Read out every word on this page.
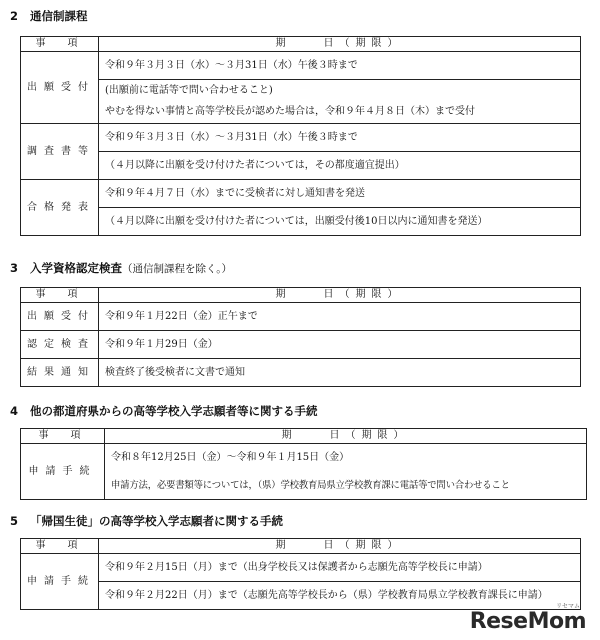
2 通信制課程
事　項	期　　日（期限）
出願受付	令和９年３月３日（水）～３月31日（水）午後３時まで
	(出願前に電話等で問い合わせること)
	やむを得ない事情と高等学校長が認めた場合は，令和９年４月８日（木）まで受付
調査書等	令和９年３月３日（水）～３月31日（水）午後３時まで
	（４月以降に出願を受け付けた者については，その都度適宜提出）
合格発表	令和９年４月７日（水）までに受検者に対し通知書を発送
	（４月以降に出願を受け付けた者については，出願受付後10日以内に通知書を発送）
3 入学資格認定検査（通信制課程を除く。）
事　項	期　　日（期限）
出願受付	令和９年１月22日（金）正午まで
認定検査	令和９年１月29日（金）
結果通知	検査終了後受検者に文書で通知
4 他の都道府県からの高等学校入学志願者等に関する手続
事　項	期　　日（期限）
申請手続	令和８年12月25日（金）～令和９年１月15日（金）
	申請方法，必要書類等については，（県）学校教育局県立学校教育課に電話等で問い合わせること
5 「帰国生徒」の高等学校入学志願者に関する手続
事　項	期　　日（期限）
申請手続	令和９年２月15日（月）まで（出身学校長又は保護者から志願先高等学校長に申請）
	令和９年２月22日（月）まで（志願先高等学校長から（県）学校教育局県立学校教育課長に申請）
リセマム
ReseMom
